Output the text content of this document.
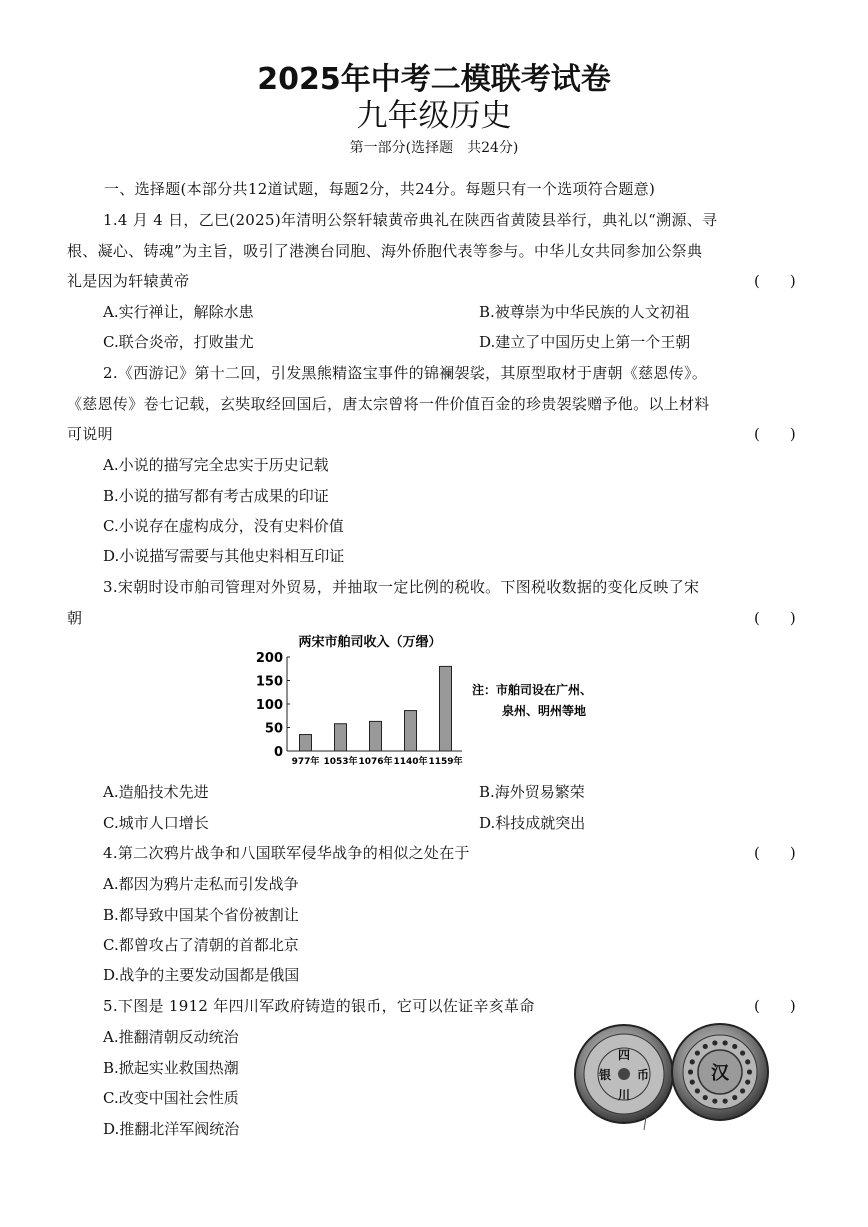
2025年中考二模联考试卷
九年级历史
第一部分(选择题　共24分)
一、选择题(本部分共12道试题，每题2分，共24分。每题只有一个选项符合题意)
1.4 月 4 日，乙巳(2025)年清明公祭轩辕黄帝典礼在陕西省黄陵县举行，典礼以“溯源、寻
根、凝心、铸魂”为主旨，吸引了港澳台同胞、海外侨胞代表等参与。中华儿女共同参加公祭典
礼是因为轩辕黄帝	(　　)
A.实行禅让，解除水患	B.被尊崇为中华民族的人文初祖
C.联合炎帝，打败蚩尤	D.建立了中国历史上第一个王朝
2.《西游记》第十二回，引发黑熊精盗宝事件的锦襕袈裟，其原型取材于唐朝《慈恩传》。
《慈恩传》卷七记载，玄奘取经回国后，唐太宗曾将一件价值百金的珍贵袈裟赠予他。以上材料
可说明	(　　)
A.小说的描写完全忠实于历史记载
B.小说的描写都有考古成果的印证
C.小说存在虚构成分，没有史料价值
D.小说描写需要与其他史料相互印证
3.宋朝时设市舶司管理对外贸易，并抽取一定比例的税收。下图税收数据的变化反映了宋
朝	(　　)
两宋市舶司收入（万缗）
200
150
100
50
0
977年 1053年 1076年 1140年 1159年
注：市舶司设在广州、
泉州、明州等地
A.造船技术先进	B.海外贸易繁荣
C.城市人口增长	D.科技成就突出
4.第二次鸦片战争和八国联军侵华战争的相似之处在于	(　　)
A.都因为鸦片走私而引发战争
B.都导致中国某个省份被割让
C.都曾攻占了清朝的首都北京
D.战争的主要发动国都是俄国
5.下图是 1912 年四川军政府铸造的银币，它可以佐证辛亥革命	(　　)
A.推翻清朝反动统治
B.掀起实业救国热潮
C.改变中国社会性质
D.推翻北洋军阀统治
四
银 币
川
汉
